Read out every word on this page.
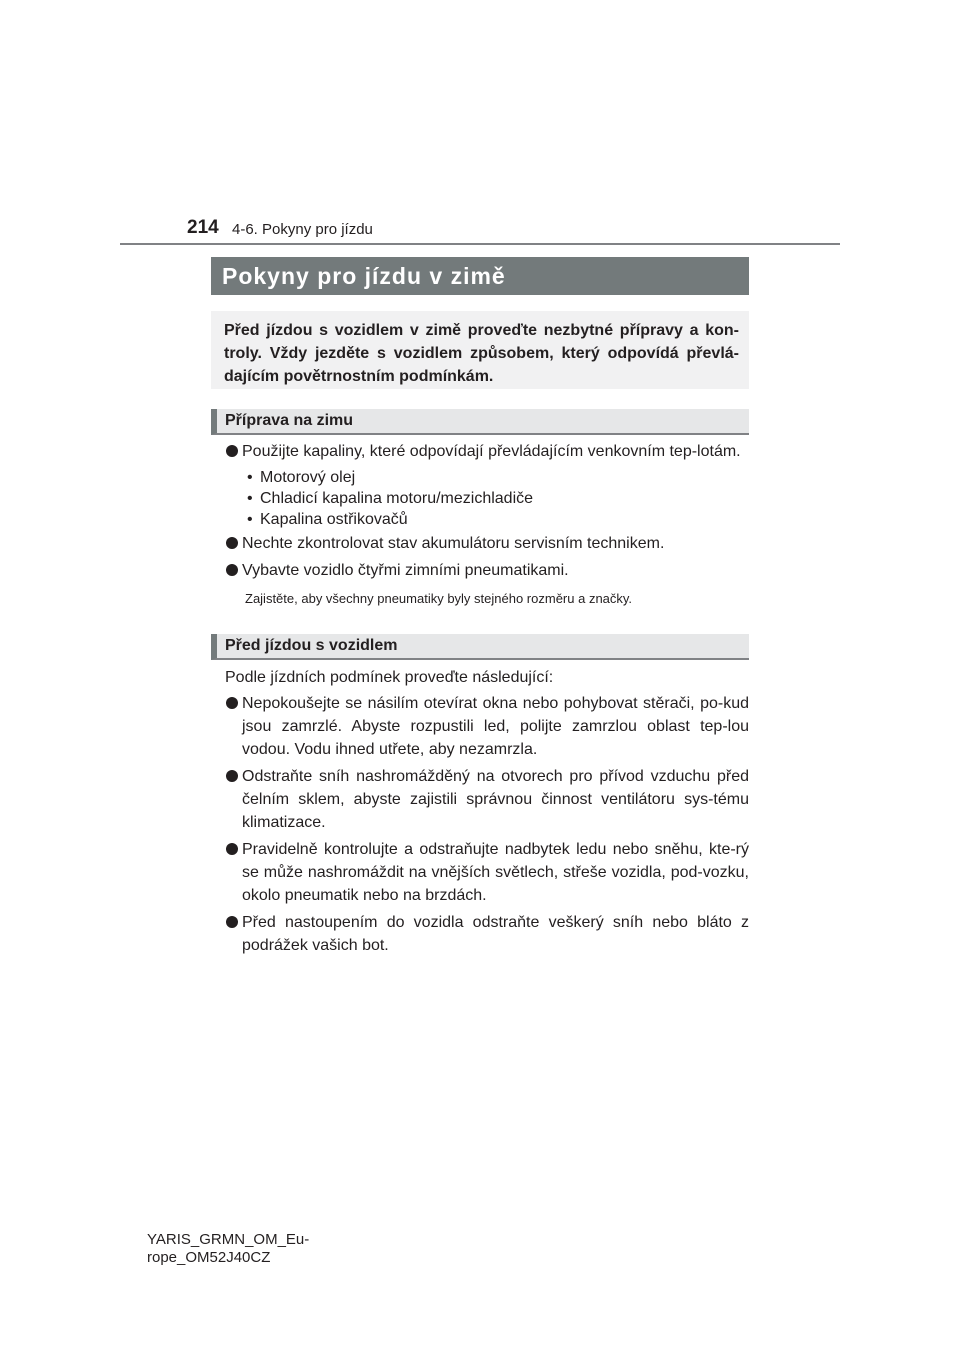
214 4-6. Pokyny pro jízdu
Pokyny pro jízdu v zimě
Před jízdou s vozidlem v zimě proveďte nezbytné přípravy a kon-troly. Vždy jezděte s vozidlem způsobem, který odpovídá převlá-dajícím povětrnostním podmínkám.
Příprava na zimu
Použijte kapaliny, které odpovídají převládajícím venkovním tep-lotám.
• Motorový olej
• Chladicí kapalina motoru/mezichladiče
• Kapalina ostřikovačů
Nechte zkontrolovat stav akumulátoru servisním technikem.
Vybavte vozidlo čtyřmi zimními pneumatikami.
Zajistěte, aby všechny pneumatiky byly stejného rozměru a značky.
Před jízdou s vozidlem
Podle jízdních podmínek proveďte následující:
Nepokoušejte se násilím otevírat okna nebo pohybovat stěrači, po-kud jsou zamrzlé. Abyste rozpustili led, polijte zamrzlou oblast tep-lou vodou. Vodu ihned utřete, aby nezamrzla.
Odstraňte sníh nashromážděný na otvorech pro přívod vzduchu před čelním sklem, abyste zajistili správnou činnost ventilátoru sys-tému klimatizace.
Pravidelně kontrolujte a odstraňujte nadbytek ledu nebo sněhu, kte-rý se může nashromáždit na vnějších světlech, střeše vozidla, pod-vozku, okolo pneumatik nebo na brzdách.
Před nastoupením do vozidla odstraňte veškerý sníh nebo bláto z podrážek vašich bot.
YARIS_GRMN_OM_Eu-
rope_OM52J40CZ
